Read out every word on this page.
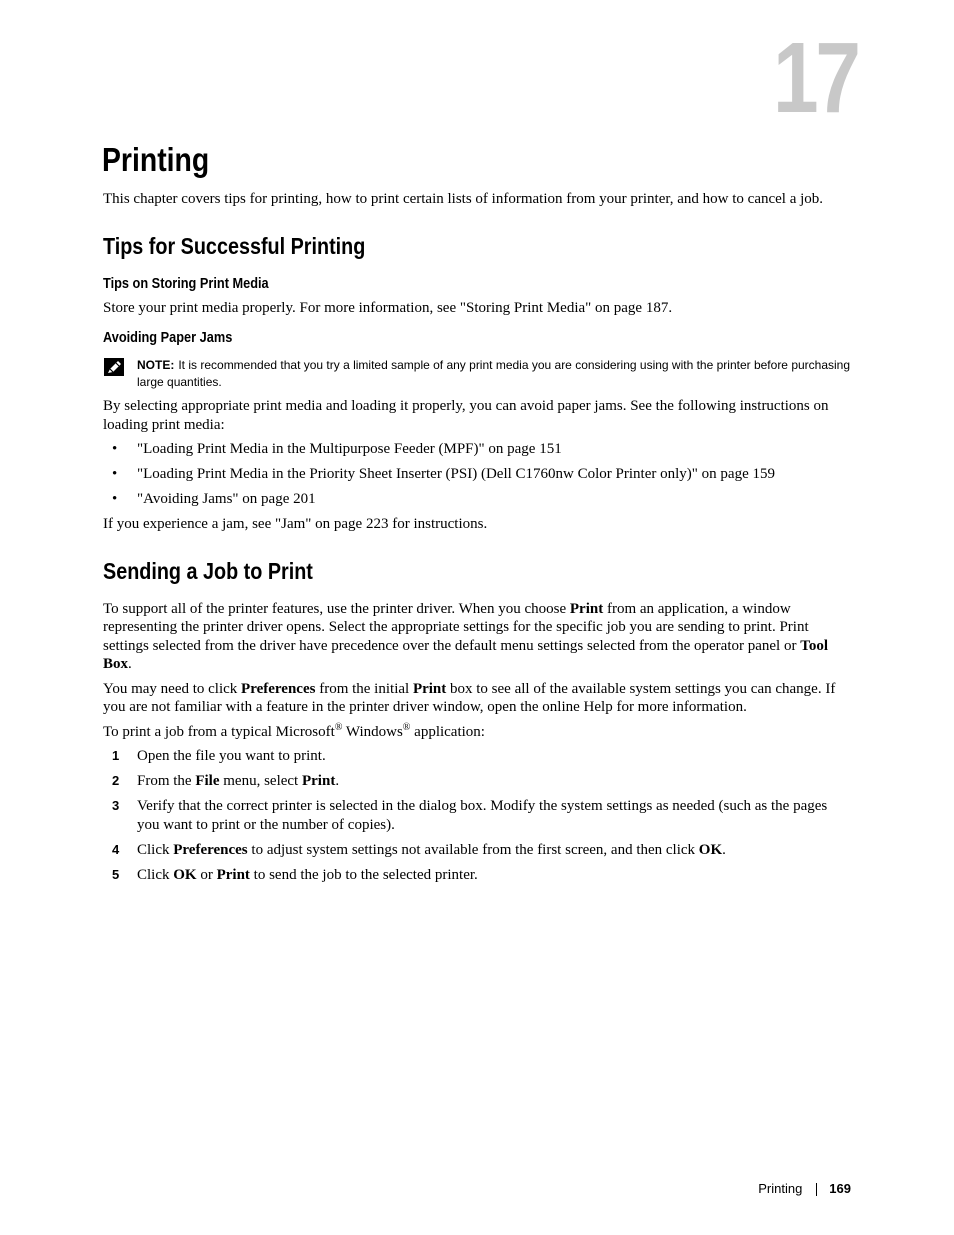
17
Printing

This chapter covers tips for printing, how to print certain lists of information from your printer, and how to cancel a job.

Tips for Successful Printing
Tips on Storing Print Media

Store your print media properly. For more information, see "Storing Print Media" on page 187.

Avoiding Paper Jams
NOTE: It is recommended that you try a limited sample of any print media you are considering using with the printer before purchasing large quantities.

By selecting appropriate print media and loading it properly, you can avoid paper jams. See the following instructions on loading print media:

•	"Loading Print Media in the Multipurpose Feeder (MPF)" on page 151
•	"Loading Print Media in the Priority Sheet Inserter (PSI) (Dell C1760nw Color Printer only)" on page 159
•	"Avoiding Jams" on page 201

If you experience a jam, see "Jam" on page 223 for instructions.

Sending a Job to Print

To support all of the printer features, use the printer driver. When you choose Print from an application, a window representing the printer driver opens. Select the appropriate settings for the specific job you are sending to print. Print settings selected from the driver have precedence over the default menu settings selected from the operator panel or Tool Box.

You may need to click Preferences from the initial Print box to see all of the available system settings you can change. If you are not familiar with a feature in the printer driver window, open the online Help for more information.

To print a job from a typical Microsoft® Windows® application:

1	Open the file you want to print.
2	From the File menu, select Print.
3	Verify that the correct printer is selected in the dialog box. Modify the system settings as needed (such as the pages you want to print or the number of copies).
4	Click Preferences to adjust system settings not available from the first screen, and then click OK.
5	Click OK or Print to send the job to the selected printer.
Printing 169
